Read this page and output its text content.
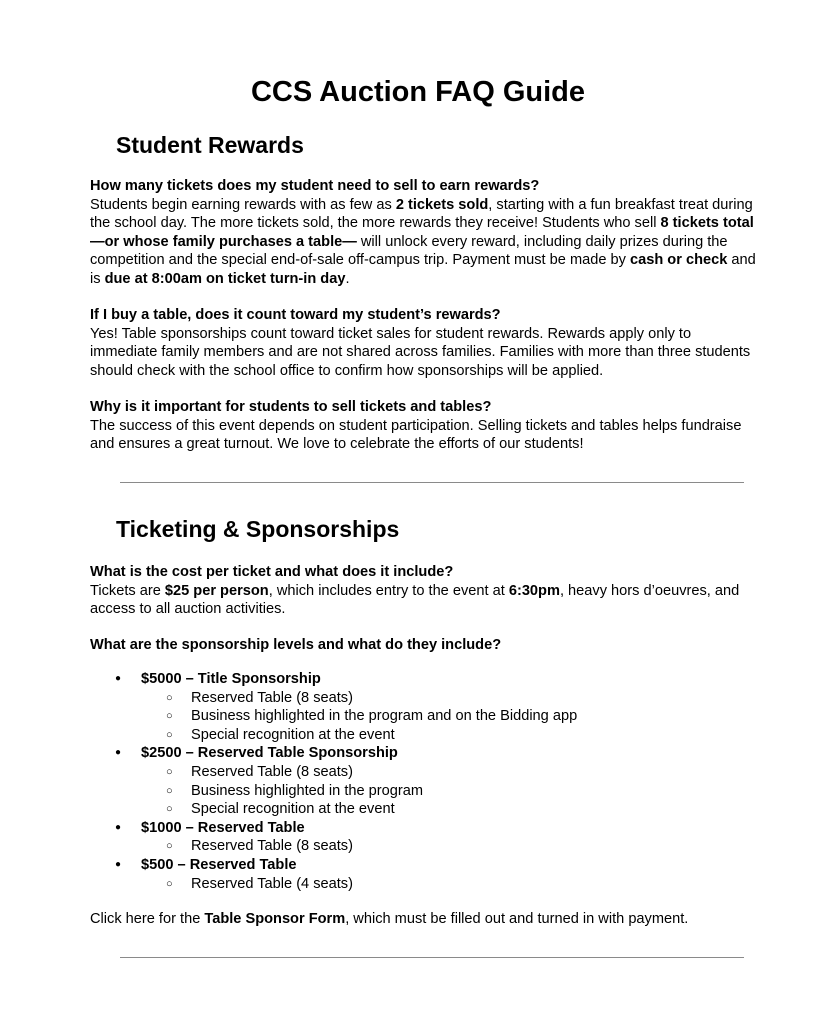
CCS Auction FAQ Guide
Student Rewards
How many tickets does my student need to sell to earn rewards?
Students begin earning rewards with as few as 2 tickets sold, starting with a fun breakfast treat during the school day. The more tickets sold, the more rewards they receive! Students who sell 8 tickets total—or whose family purchases a table— will unlock every reward, including daily prizes during the competition and the special end-of-sale off-campus trip. Payment must be made by cash or check and is due at 8:00am on ticket turn-in day.
If I buy a table, does it count toward my student’s rewards?
Yes! Table sponsorships count toward ticket sales for student rewards. Rewards apply only to immediate family members and are not shared across families. Families with more than three students should check with the school office to confirm how sponsorships will be applied.
Why is it important for students to sell tickets and tables?
The success of this event depends on student participation. Selling tickets and tables helps fundraise and ensures a great turnout. We love to celebrate the efforts of our students!
Ticketing & Sponsorships
What is the cost per ticket and what does it include?
Tickets are $25 per person, which includes entry to the event at 6:30pm, heavy hors d’oeuvres, and access to all auction activities.
What are the sponsorship levels and what do they include?
● $5000 – Title Sponsorship
○ Reserved Table (8 seats)
○ Business highlighted in the program and on the Bidding app
○ Special recognition at the event
● $2500 – Reserved Table Sponsorship
○ Reserved Table (8 seats)
○ Business highlighted in the program
○ Special recognition at the event
● $1000 – Reserved Table
○ Reserved Table (8 seats)
● $500 – Reserved Table
○ Reserved Table (4 seats)
Click here for the Table Sponsor Form, which must be filled out and turned in with payment.
